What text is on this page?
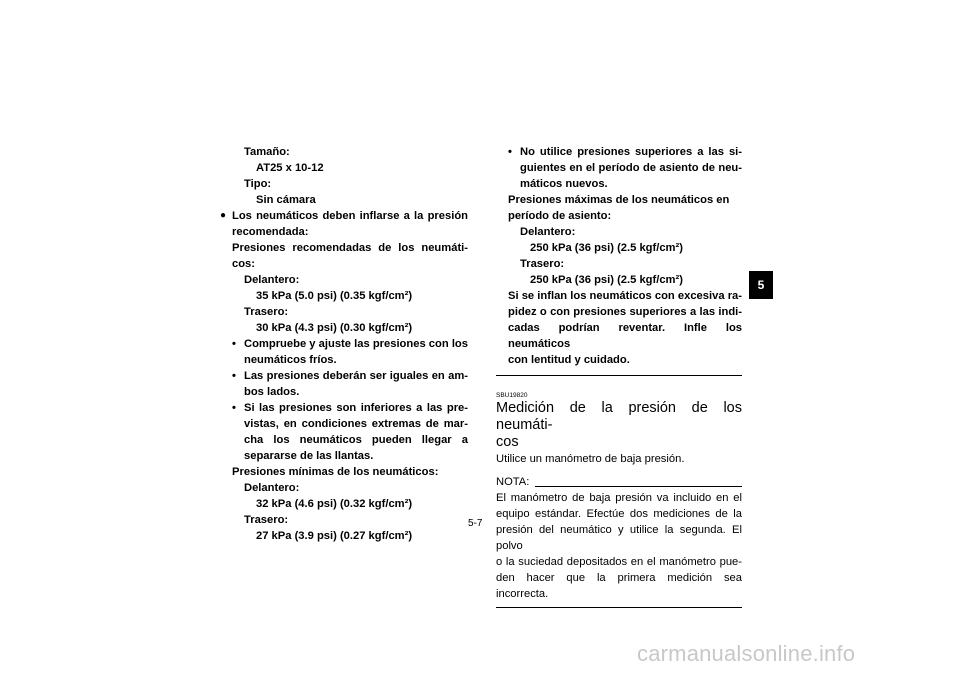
Tamaño:
AT25 x 10-12
Tipo:
Sin cámara
● Los neumáticos deben inflarse a la presión
recomendada:
Presiones recomendadas de los neumáti-
cos:
Delantero:
35 kPa (5.0 psi) (0.35 kgf/cm²)
Trasero:
30 kPa (4.3 psi) (0.30 kgf/cm²)
• Compruebe y ajuste las presiones con los
neumáticos fríos.
• Las presiones deberán ser iguales en am-
bos lados.
• Si las presiones son inferiores a las pre-
vistas, en condiciones extremas de mar-
cha los neumáticos pueden llegar a
separarse de las llantas.
Presiones mínimas de los neumáticos:
Delantero:
32 kPa (4.6 psi) (0.32 kgf/cm²)
Trasero:
27 kPa (3.9 psi) (0.27 kgf/cm²)
• No utilice presiones superiores a las si-
guientes en el período de asiento de neu-
máticos nuevos.
Presiones máximas de los neumáticos en
período de asiento:
Delantero:
250 kPa (36 psi) (2.5 kgf/cm²)
Trasero:
250 kPa (36 psi) (2.5 kgf/cm²)
Si se inflan los neumáticos con excesiva ra-
pidez o con presiones superiores a las indi-
cadas podrían reventar. Infle los neumáticos
con lentitud y cuidado.
SBU19820
Medición de la presión de los neumáti-
cos
Utilice un manómetro de baja presión.
NOTA:
El manómetro de baja presión va incluido en el
equipo estándar. Efectúe dos mediciones de la
presión del neumático y utilice la segunda. El polvo
o la suciedad depositados en el manómetro pue-
den hacer que la primera medición sea incorrecta.
5-7
5
carmanualsonline.info
